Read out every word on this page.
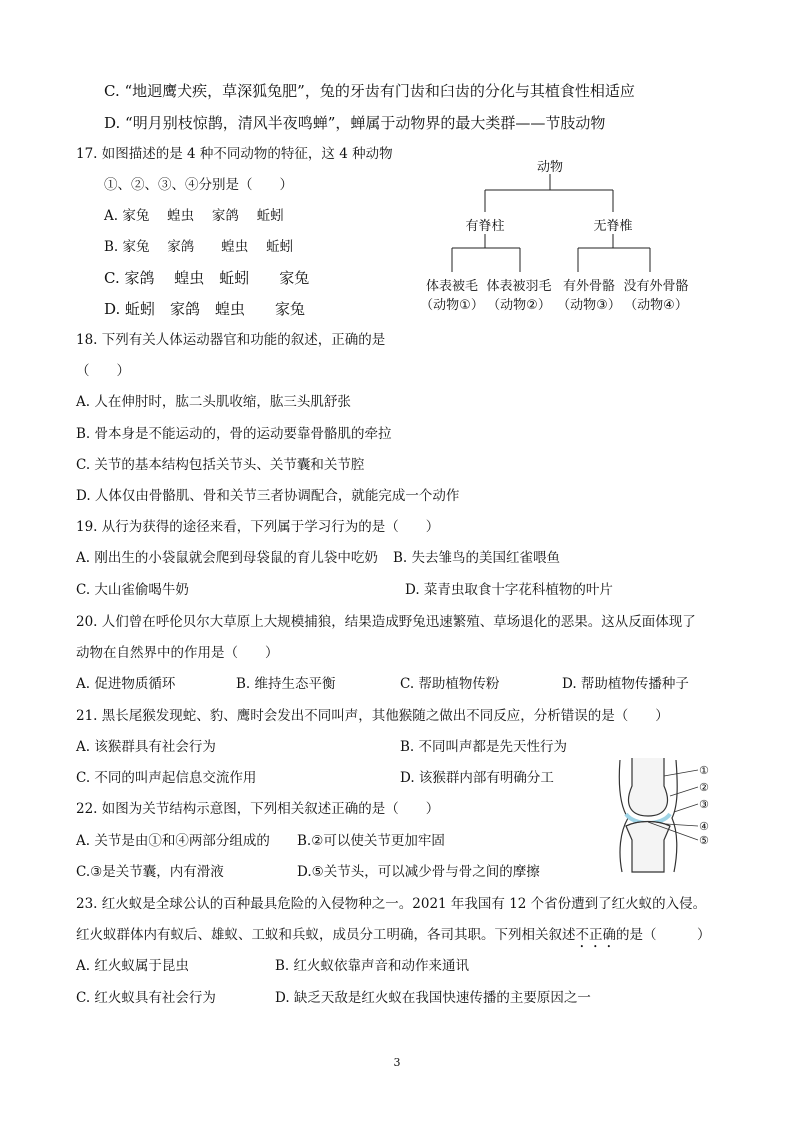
C. “地迥鹰犬疾，草深狐兔肥”，兔的牙齿有门齿和臼齿的分化与其植食性相适应
D. “明月别枝惊鹊，清风半夜鸣蝉”，蝉属于动物界的最大类群——节肢动物
17. 如图描述的是 4 种不同动物的特征，这 4 种动物
①、②、③、④分别是（　　）
A. 家兔　 蝗虫　 家鸽　 蚯蚓
B. 家兔　 家鸽　　蝗虫　 蚯蚓
C. 家鸽　 蝗虫　蚯蚓　　家兔
D. 蚯蚓　家鸽　蝗虫　　家兔
动物
有脊柱	无脊椎
体表被毛
（动物①）
体表被羽毛
（动物②）
有外骨骼
（动物③）
没有外骨骼
（动物④）
18. 下列有关人体运动器官和功能的叙述，正确的是
（　　）
A. 人在伸肘时，肱二头肌收缩，肱三头肌舒张
B. 骨本身是不能运动的，骨的运动要靠骨骼肌的牵拉
C. 关节的基本结构包括关节头、关节囊和关节腔
D. 人体仅由骨骼肌、骨和关节三者协调配合，就能完成一个动作
19. 从行为获得的途径来看，下列属于学习行为的是（　　）
A. 刚出生的小袋鼠就会爬到母袋鼠的育儿袋中吃奶 B. 失去雏鸟的美国红雀喂鱼
C. 大山雀偷喝牛奶	D. 菜青虫取食十字花科植物的叶片
20. 人们曾在呼伦贝尔大草原上大规模捕狼，结果造成野兔迅速繁殖、草场退化的恶果。这从反面体现了
动物在自然界中的作用是（　　）
A. 促进物质循环	B. 维持生态平衡	C. 帮助植物传粉	D. 帮助植物传播种子
21. 黑长尾猴发现蛇、豹、鹰时会发出不同叫声，其他猴随之做出不同反应，分析错误的是（　　）
A. 该猴群具有社会行为	B. 不同叫声都是先天性行为
C. 不同的叫声起信息交流作用	D. 该猴群内部有明确分工
22. 如图为关节结构示意图，下列相关叙述正确的是（　　）
A. 关节是由①和④两部分组成的 B.②可以使关节更加牢固
C.③是关节囊，内有滑液	D.⑤关节头，可以减少骨与骨之间的摩擦
①
②
③
④
⑤
23. 红火蚁是全球公认的百种最具危险的入侵物种之一。2021 年我国有 12 个省份遭到了红火蚁的入侵。
红火蚁群体内有蚁后、雄蚁、工蚁和兵蚁，成员分工明确，各司其职。下列相关叙述不正确的是（　　　）
A. 红火蚁属于昆虫	B. 红火蚁依靠声音和动作来通讯
C. 红火蚁具有社会行为	D. 缺乏天敌是红火蚁在我国快速传播的主要原因之一
3
